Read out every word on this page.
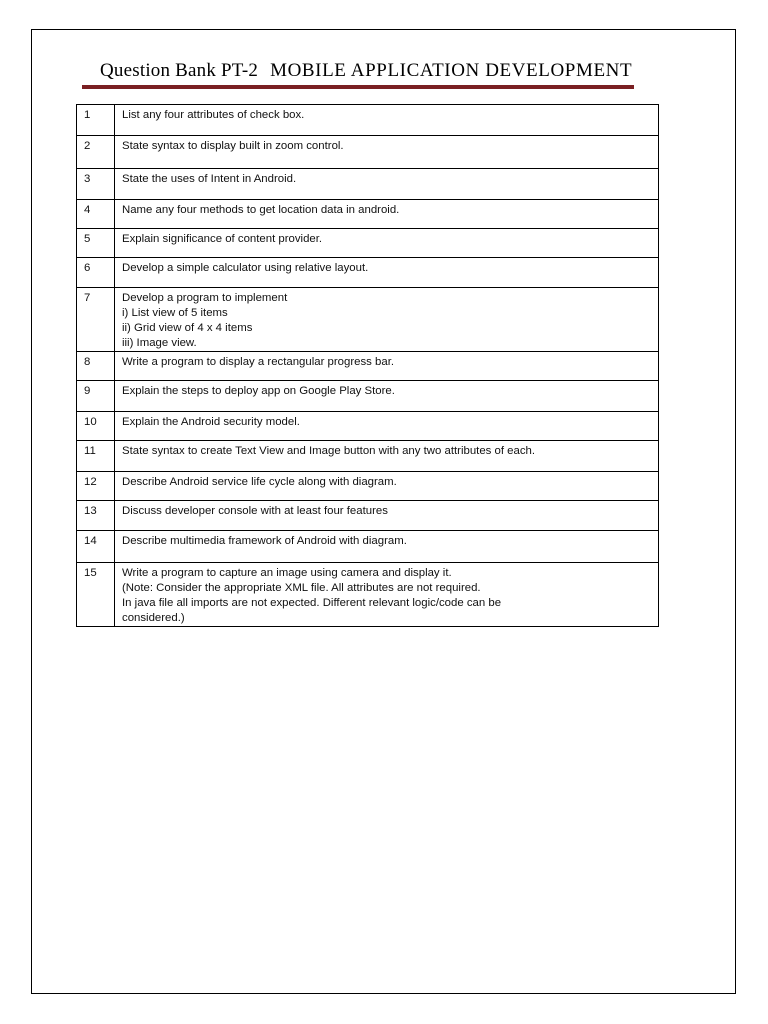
Question Bank PT-2 MOBILE APPLICATION DEVELOPMENT
1	List any four attributes of check box.

2	State syntax to display built in zoom control.

3	State the uses of Intent in Android.

4	Name any four methods to get location data in android.

5	Explain significance of content provider.

6	Develop a simple calculator using relative layout.

7	Develop a program to implement
i) List view of 5 items
ii) Grid view of 4 x 4 items
iii) Image view.

8	Write a program to display a rectangular progress bar.

9	Explain the steps to deploy app on Google Play Store.

10	Explain the Android security model.

11	State syntax to create Text View and Image button with any two attributes of each.

12	Describe Android service life cycle along with diagram.

13	Discuss developer console with at least four features

14	Describe multimedia framework of Android with diagram.

15	Write a program to capture an image using camera and display it.
(Note: Consider the appropriate XML file. All attributes are not required.
In java file all imports are not expected. Different relevant logic/code can be
considered.)
